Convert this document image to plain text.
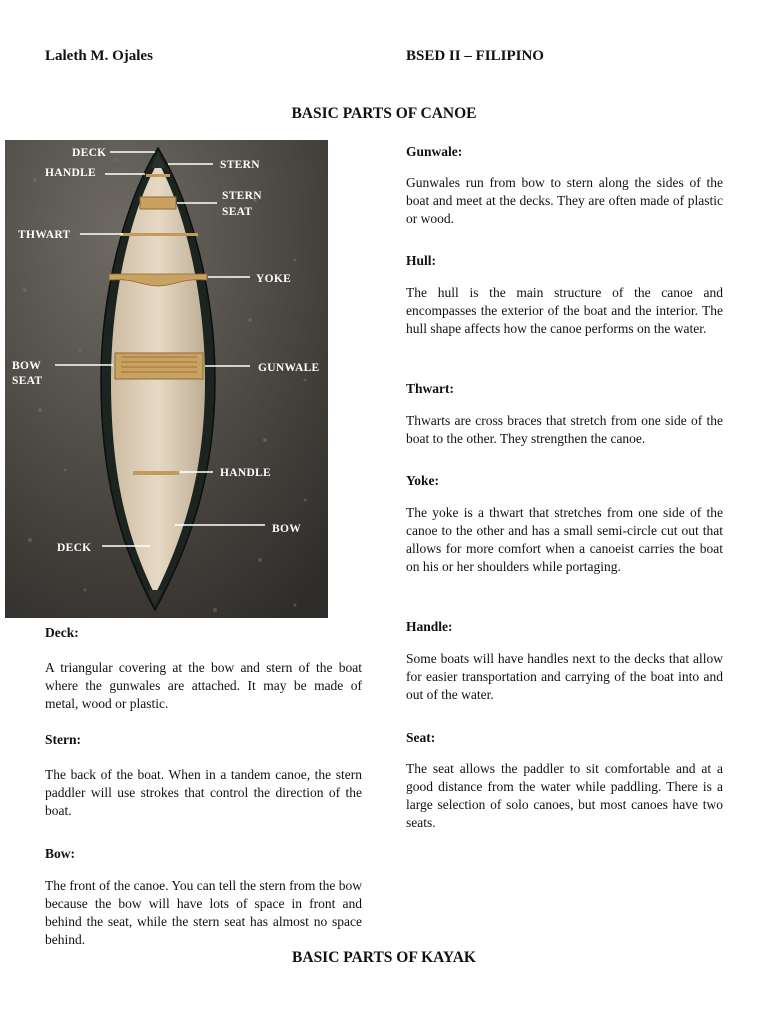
Laleth M. Ojales	BSED II – FILIPINO
BASIC PARTS OF CANOE
DECK
HANDLE
STERN
STERN
SEAT
THWART
YOKE
BOW
SEAT
GUNWALE
HANDLE
BOW
DECK
Deck:
A triangular covering at the bow and stern of the boat where the gunwales are attached. It may be made of metal, wood or plastic.
Stern:
The back of the boat. When in a tandem canoe, the stern paddler will use strokes that control the direction of the boat.
Bow:
The front of the canoe. You can tell the stern from the bow because the bow will have lots of space in front and behind the seat, while the stern seat has almost no space behind.
Gunwale:
Gunwales run from bow to stern along the sides of the boat and meet at the decks. They are often made of plastic or wood.
Hull:
The hull is the main structure of the canoe and encompasses the exterior of the boat and the interior. The hull shape affects how the canoe performs on the water.
Thwart:
Thwarts are cross braces that stretch from one side of the boat to the other. They strengthen the canoe.
Yoke:
The yoke is a thwart that stretches from one side of the canoe to the other and has a small semi-circle cut out that allows for more comfort when a canoeist carries the boat on his or her shoulders while portaging.
Handle:
Some boats will have handles next to the decks that allow for easier transportation and carrying of the boat into and out of the water.
Seat:
The seat allows the paddler to sit comfortable and at a good distance from the water while paddling. There is a large selection of solo canoes, but most canoes have two seats.
BASIC PARTS OF KAYAK
